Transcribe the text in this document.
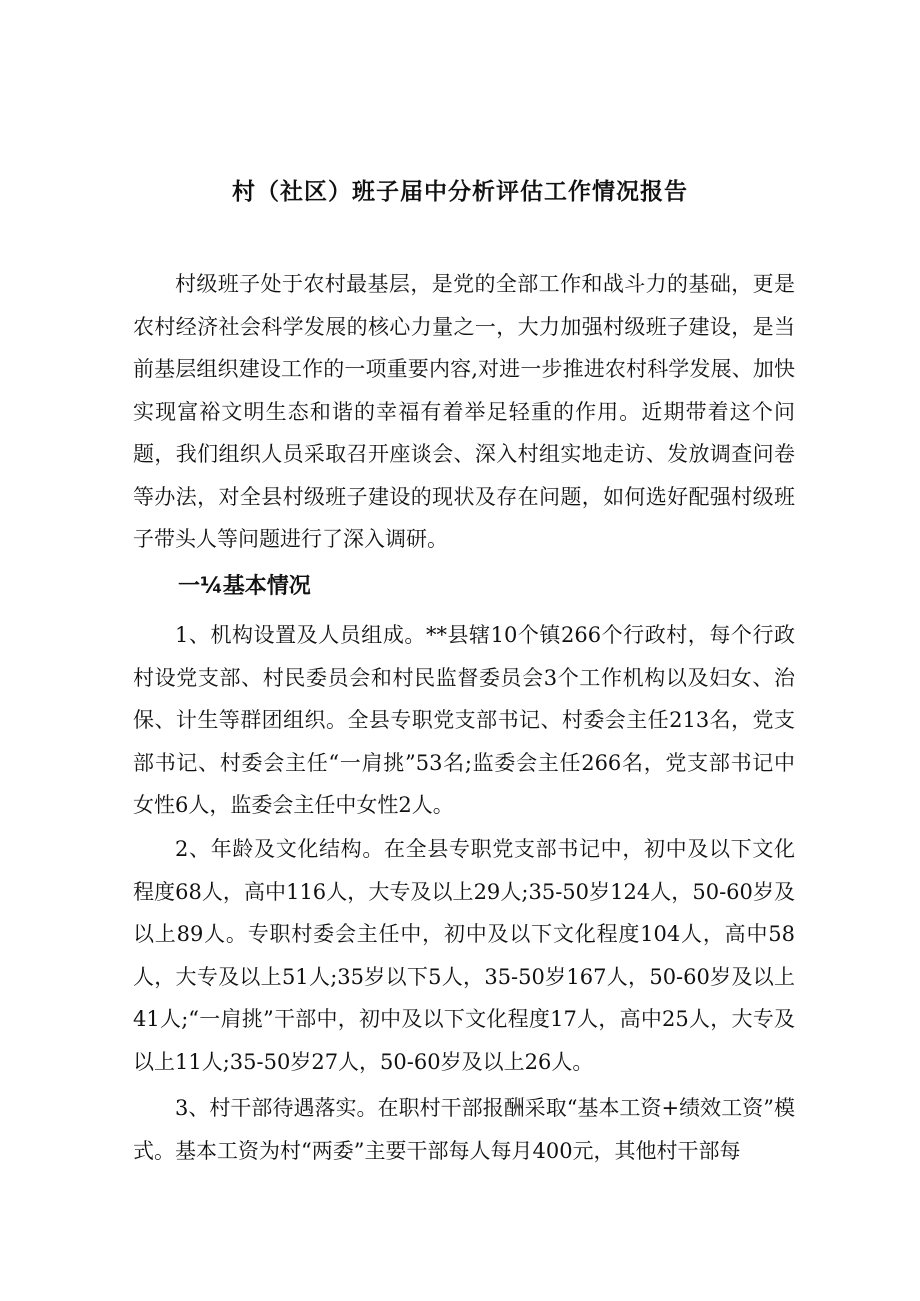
村（社区）班子届中分析评估工作情况报告

村级班子处于农村最基层，是党的全部工作和战斗力的基础，更是农村经济社会科学发展的核心力量之一，大力加强村级班子建设，是当前基层组织建设工作的一项重要内容,对进一步推进农村科学发展、加快实现富裕文明生态和谐的幸福有着举足轻重的作用。近期带着这个问题，我们组织人员采取召开座谈会、深入村组实地走访、发放调查问卷等办法，对全县村级班子建设的现状及存在问题，如何选好配强村级班子带头人等问题进行了深入调研。

一¼基本情况

1、机构设置及人员组成。**县辖10个镇266个行政村，每个行政村设党支部、村民委员会和村民监督委员会3个工作机构以及妇女、治保、计生等群团组织。全县专职党支部书记、村委会主任213名，党支部书记、村委会主任“一肩挑”53名;监委会主任266名，党支部书记中女性6人，监委会主任中女性2人。

2、年龄及文化结构。在全县专职党支部书记中，初中及以下文化程度68人，高中116人，大专及以上29人;35-50岁124人，50-60岁及以上89人。专职村委会主任中，初中及以下文化程度104人，高中58人，大专及以上51人;35岁以下5人，35-50岁167人，50-60岁及以上41人;“一肩挑”干部中，初中及以下文化程度17人，高中25人，大专及以上11人;35-50岁27人，50-60岁及以上26人。

3、村干部待遇落实。在职村干部报酬采取“基本工资+绩效工资”模式。基本工资为村“两委”主要干部每人每月400元，其他村干部每
